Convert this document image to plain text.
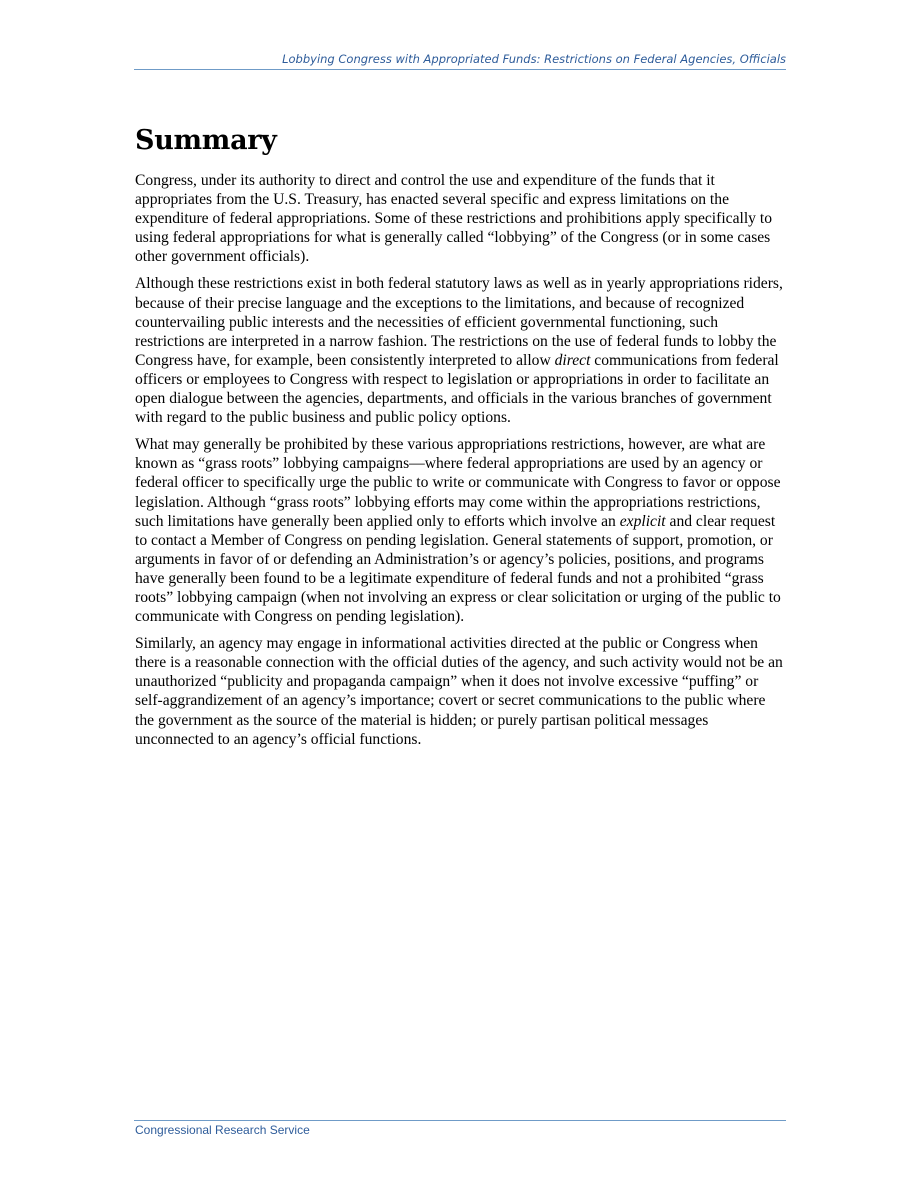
Lobbying Congress with Appropriated Funds: Restrictions on Federal Agencies, Officials
Summary

Congress, under its authority to direct and control the use and expenditure of the funds that it appropriates from the U.S. Treasury, has enacted several specific and express limitations on the expenditure of federal appropriations. Some of these restrictions and prohibitions apply specifically to using federal appropriations for what is generally called “lobbying” of the Congress (or in some cases other government officials).

Although these restrictions exist in both federal statutory laws as well as in yearly appropriations riders, because of their precise language and the exceptions to the limitations, and because of recognized countervailing public interests and the necessities of efficient governmental functioning, such restrictions are interpreted in a narrow fashion. The restrictions on the use of federal funds to lobby the Congress have, for example, been consistently interpreted to allow direct communications from federal officers or employees to Congress with respect to legislation or appropriations in order to facilitate an open dialogue between the agencies, departments, and officials in the various branches of government with regard to the public business and public policy options.

What may generally be prohibited by these various appropriations restrictions, however, are what are known as “grass roots” lobbying campaigns—where federal appropriations are used by an agency or federal officer to specifically urge the public to write or communicate with Congress to favor or oppose legislation. Although “grass roots” lobbying efforts may come within the appropriations restrictions, such limitations have generally been applied only to efforts which involve an explicit and clear request to contact a Member of Congress on pending legislation. General statements of support, promotion, or arguments in favor of or defending an Administration’s or agency’s policies, positions, and programs have generally been found to be a legitimate expenditure of federal funds and not a prohibited “grass roots” lobbying campaign (when not involving an express or clear solicitation or urging of the public to communicate with Congress on pending legislation).

Similarly, an agency may engage in informational activities directed at the public or Congress when there is a reasonable connection with the official duties of the agency, and such activity would not be an unauthorized “publicity and propaganda campaign” when it does not involve excessive “puffing” or self-aggrandizement of an agency’s importance; covert or secret communications to the public where the government as the source of the material is hidden; or purely partisan political messages unconnected to an agency’s official functions.

Congressional Research Service
